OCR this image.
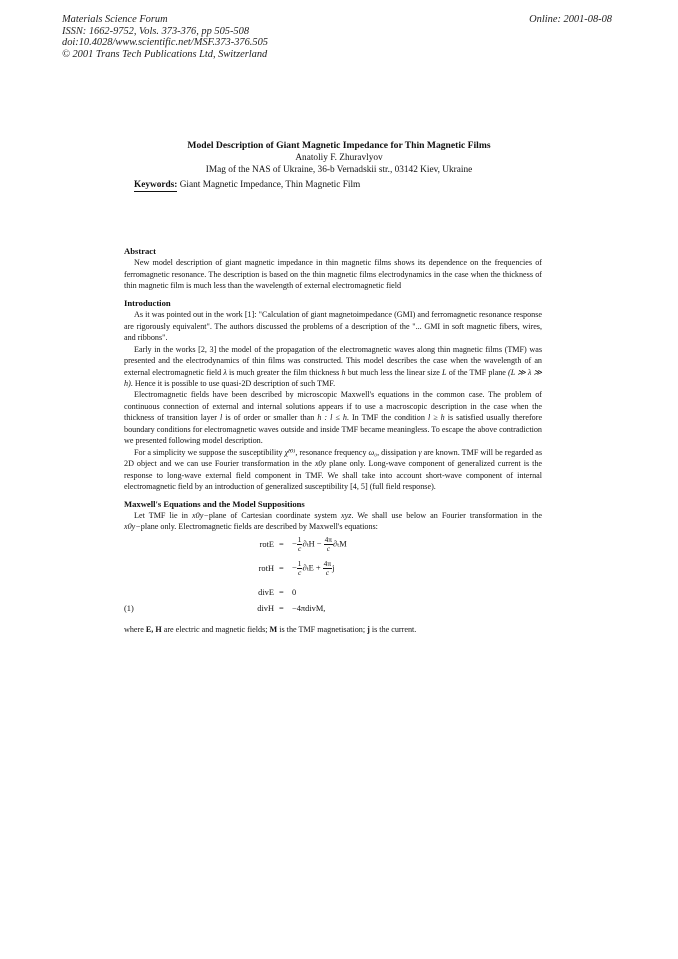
Materials Science Forum
ISSN: 1662-9752, Vols. 373-376, pp 505-508
doi:10.4028/www.scientific.net/MSF.373-376.505
© 2001 Trans Tech Publications Ltd, Switzerland
Online: 2001-08-08
Model Description of Giant Magnetic Impedance for Thin Magnetic Films
Anatoliy F. Zhuravlyov
IMag of the NAS of Ukraine, 36-b Vernadskii str., 03142 Kiev, Ukraine
Keywords: Giant Magnetic Impedance, Thin Magnetic Film
Abstract

New model description of giant magnetic impedance in thin magnetic films shows its dependence on the frequencies of ferromagnetic resonance. The description is based on the thin magnetic films electrodynamics in the case when the thickness of thin magnetic film is much less than the wavelength of external electromagnetic field

Introduction

As it was pointed out in the work [1]: "Calculation of giant magnetoimpedance (GMI) and ferromagnetic resonance response are rigorously equivalent". The authors discussed the problems of a description of the "... GMI in soft magnetic fibers, wires, and ribbons".

Early in the works [2, 3] the model of the propagation of the electromagnetic waves along thin magnetic films (TMF) was presented and the electrodynamics of thin films was constructed. This model describes the case when the wavelength of an external electromagnetic field λ is much greater the film thickness h but much less the linear size L of the TMF plane (L ≫ λ ≫ h). Hence it is possible to use quasi-2D description of such TMF.

Electromagnetic fields have been described by microscopic Maxwell's equations in the common case. The problem of continuous connection of external and internal solutions appears if to use a macroscopic description in the case when the thickness of transition layer l is of order or smaller than h : l ≤ h. In TMF the condition l ≥ h is satisfied usually therefore boundary conditions for electromagnetic waves outside and inside TMF became meaningless. To escape the above contradiction we presented following model description.

For a simplicity we suppose the susceptibility χ̃⁽⁰⁾, resonance frequency ω₀, dissipation γ are known. TMF will be regarded as 2D object and we can use Fourier transformation in the x0y plane only. Long-wave component of generalized current is the response to long-wave external field component in TMF. We shall take into account short-wave component of internal electromagnetic field by an introduction of generalized susceptibility [4, 5] (full field response).

Maxwell's Equations and the Model Suppositions

Let TMF lie in x0y−plane of Cartesian coordinate system xyz. We shall use below an Fourier transformation in the x0y−plane only. Electromagnetic fields are described by Maxwell's equations:

rotE = − $\frac{1}{c} \partial_tH - \frac{4\pi}{c} \partial_tM$
rotH = − $\frac{1}{c} \partial_tE + \frac{4\pi}{c}$ j
divE = 0
(1)	divH = −4πdivM,

where E, H are electric and magnetic fields; M is the TMF magnetisation; j is the current.
